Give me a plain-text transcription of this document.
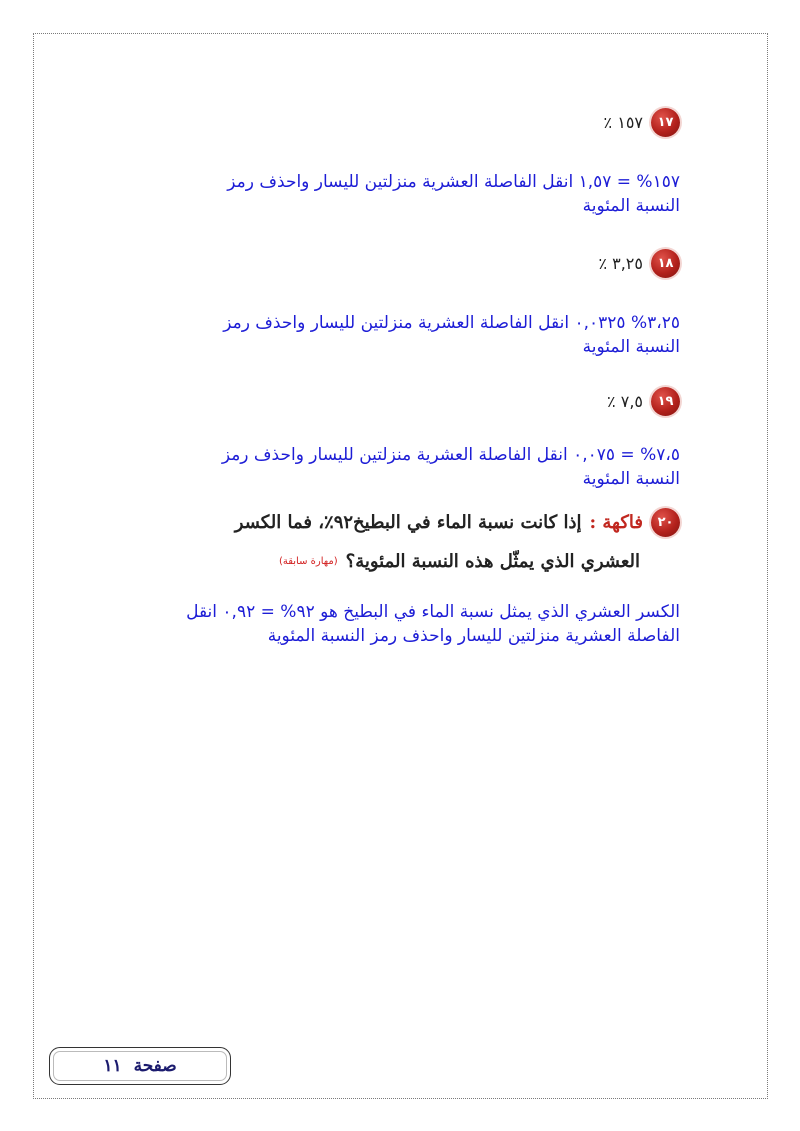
١٧
٪ ١٥٧
١٥٧% = ١,٥٧ انقل الفاصلة العشرية منزلتين لليسار واحذف رمز
النسبة المئوية
١٨
٪ ٣,٢٥
٣،٢٥% ٠,٠٣٢٥ انقل الفاصلة العشرية منزلتين لليسار واحذف رمز
النسبة المئوية
١٩
٪ ٧,٥
٧،٥% = ٠,٠٧٥ انقل الفاصلة العشرية منزلتين لليسار واحذف رمز
النسبة المئوية
٢٠
فاكهة :
إذا كانت نسبة الماء في البطيخ٩٢٪، فما الكسر
العشري الذي يمثّل هذه النسبة المئوية؟
(مهارة سابقة)
الكسر العشري الذي يمثل نسبة الماء في البطيخ هو ٩٢% = ٠,٩٢ انقل
الفاصلة العشرية منزلتين لليسار واحذف رمز النسبة المئوية
صفحة
١١
